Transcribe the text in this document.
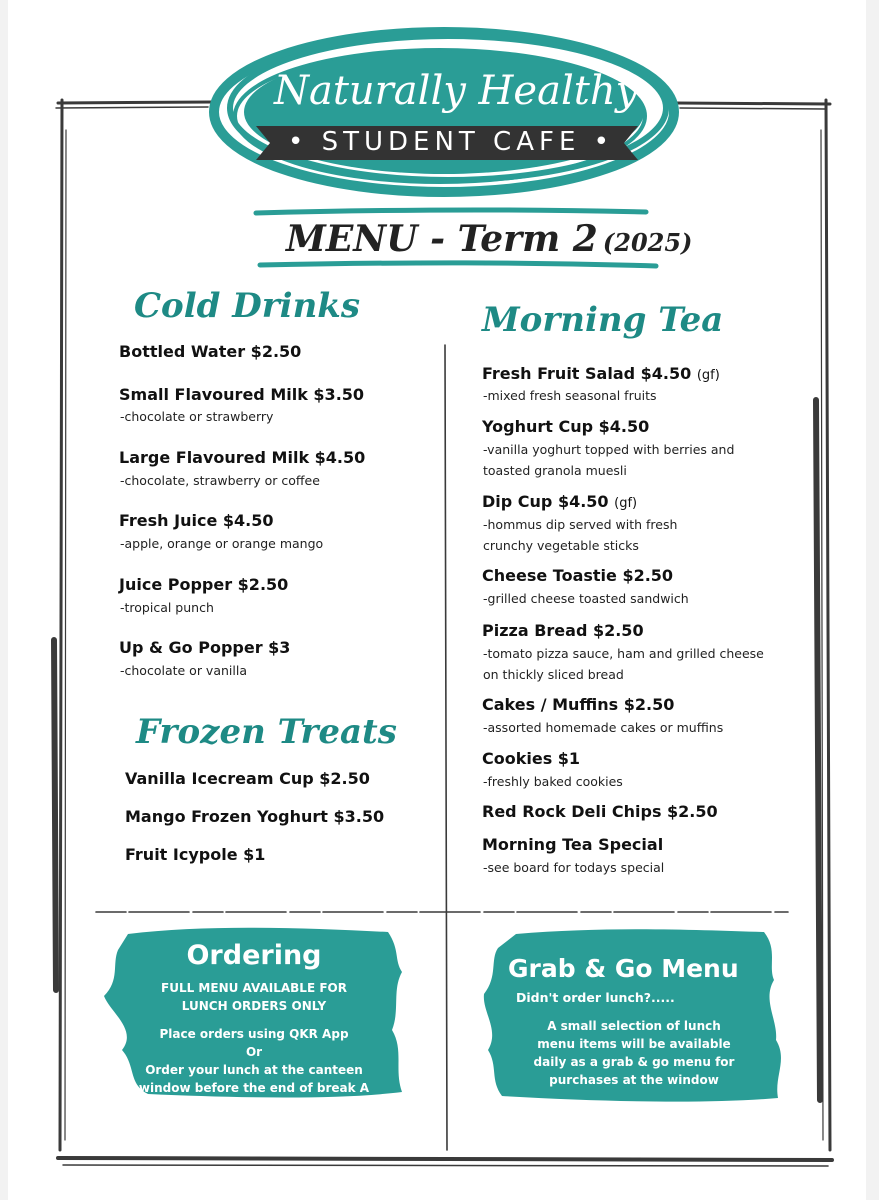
Naturally Healthy
• STUDENT CAFE •
MENU - Term 2 (2025)
Cold Drinks
Bottled Water $2.50
Small Flavoured Milk $3.50
-chocolate or strawberry
Large Flavoured Milk $4.50
-chocolate, strawberry or coffee
Fresh Juice $4.50
-apple, orange or orange mango
Juice Popper $2.50
-tropical punch
Up & Go Popper $3
-chocolate or vanilla
Frozen Treats
Vanilla Icecream Cup $2.50
Mango Frozen Yoghurt $3.50
Fruit Icypole $1
Morning Tea
Fresh Fruit Salad $4.50 (gf)
-mixed fresh seasonal fruits
Yoghurt Cup $4.50
-vanilla yoghurt topped with berries and
toasted granola muesli
Dip Cup $4.50 (gf)
-hommus dip served with fresh
crunchy vegetable sticks
Cheese Toastie $2.50
-grilled cheese toasted sandwich
Pizza Bread $2.50
-tomato pizza sauce, ham and grilled cheese
on thickly sliced bread
Cakes / Muffins $2.50
-assorted homemade cakes or muffins
Cookies $1
-freshly baked cookies
Red Rock Deli Chips $2.50
Morning Tea Special
-see board for todays special
Ordering
FULL MENU AVAILABLE FOR
LUNCH ORDERS ONLY
Place orders using QKR App
Or
Order your lunch at the canteen
window before the end of break A
Grab & Go Menu
Didn't order lunch?.....
A small selection of lunch
menu items will be available
daily as a grab & go menu for
purchases at the window
